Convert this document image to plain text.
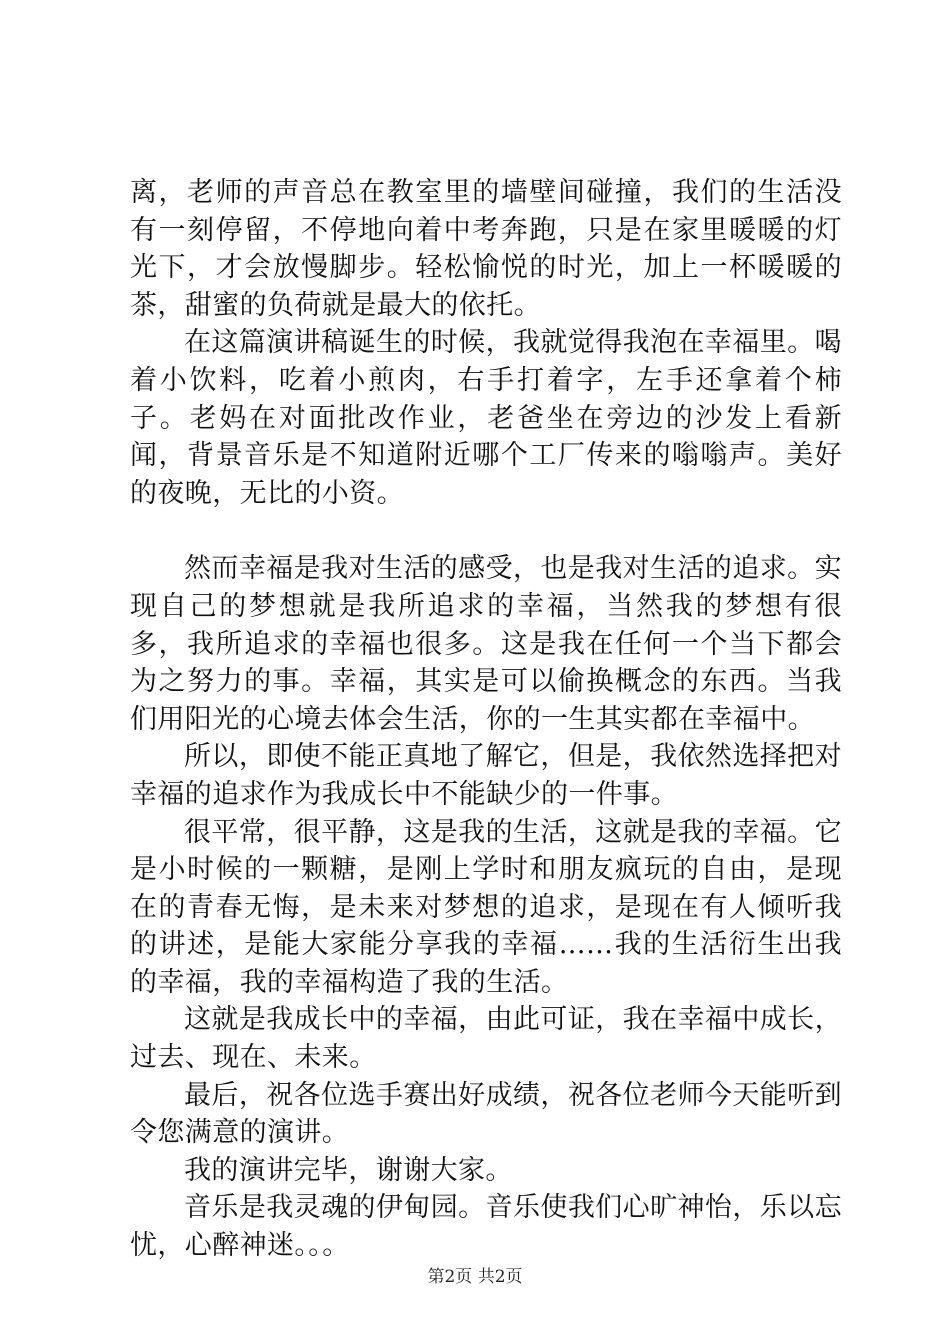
离，老师的声音总在教室里的墙壁间碰撞，我们的生活没有一刻停留，不停地向着中考奔跑，只是在家里暖暖的灯光下，才会放慢脚步。轻松愉悦的时光，加上一杯暖暖的茶，甜蜜的负荷就是最大的依托。

在这篇演讲稿诞生的时候，我就觉得我泡在幸福里。喝着小饮料，吃着小煎肉，右手打着字，左手还拿着个柿子。老妈在对面批改作业，老爸坐在旁边的沙发上看新闻，背景音乐是不知道附近哪个工厂传来的嗡嗡声。美好的夜晚，无比的小资。

然而幸福是我对生活的感受，也是我对生活的追求。实现自己的梦想就是我所追求的幸福，当然我的梦想有很多，我所追求的幸福也很多。这是我在任何一个当下都会为之努力的事。幸福，其实是可以偷换概念的东西。当我们用阳光的心境去体会生活，你的一生其实都在幸福中。

所以，即使不能正真地了解它，但是，我依然选择把对幸福的追求作为我成长中不能缺少的一件事。

很平常，很平静，这是我的生活，这就是我的幸福。它是小时候的一颗糖，是刚上学时和朋友疯玩的自由，是现在的青春无悔，是未来对梦想的追求，是现在有人倾听我的讲述，是能大家能分享我的幸福……我的生活衍生出我的幸福，我的幸福构造了我的生活。

这就是我成长中的幸福，由此可证，我在幸福中成长，过去、现在、未来。

最后，祝各位选手赛出好成绩，祝各位老师今天能听到令您满意的演讲。

我的演讲完毕，谢谢大家。

音乐是我灵魂的伊甸园。音乐使我们心旷神怡，乐以忘忧，心醉神迷。。。

第2页 共2页
